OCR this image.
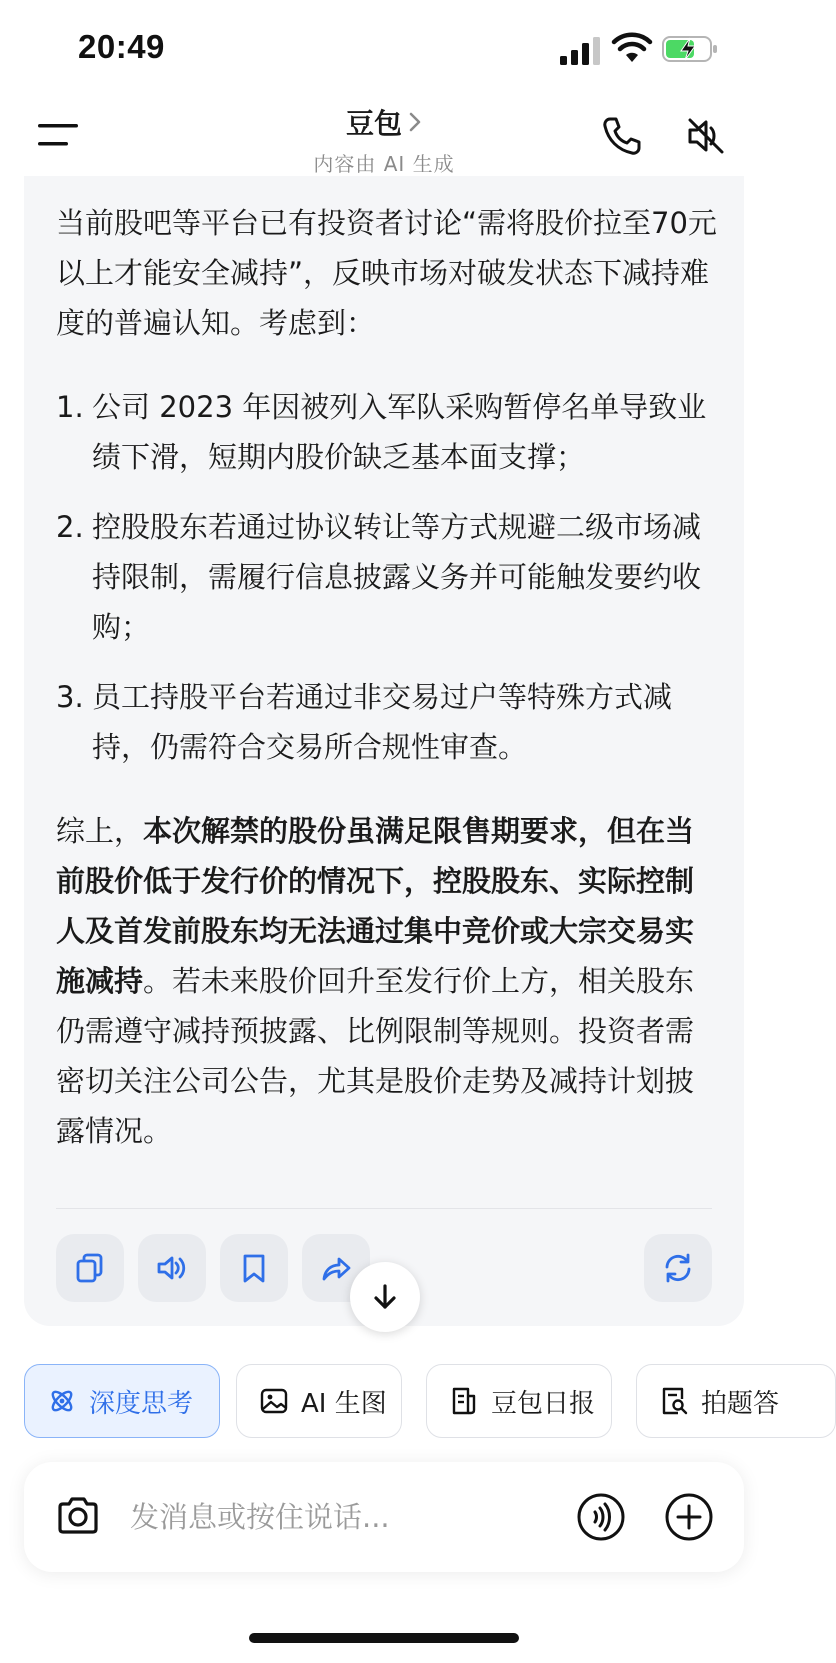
20:49
豆包
内容由 AI 生成

当前股吧等平台已有投资者讨论“需将股价拉至70元以上才能安全减持”，反映市场对破发状态下减持难度的普遍认知。考虑到：

1. 公司 2023 年因被列入军队采购暂停名单导致业绩下滑，短期内股价缺乏基本面支撑；
2. 控股股东若通过协议转让等方式规避二级市场减持限制，需履行信息披露义务并可能触发要约收购；
3. 员工持股平台若通过非交易过户等特殊方式减持，仍需符合交易所合规性审查。

综上，本次解禁的股份虽满足限售期要求，但在当前股价低于发行价的情况下，控股股东、实际控制人及首发前股东均无法通过集中竞价或大宗交易实施减持。若未来股价回升至发行价上方，相关股东仍需遵守减持预披露、比例限制等规则。投资者需密切关注公司公告，尤其是股价走势及减持计划披露情况。

深度思考	AI 生图	豆包日报	拍题答
发消息或按住说话...
